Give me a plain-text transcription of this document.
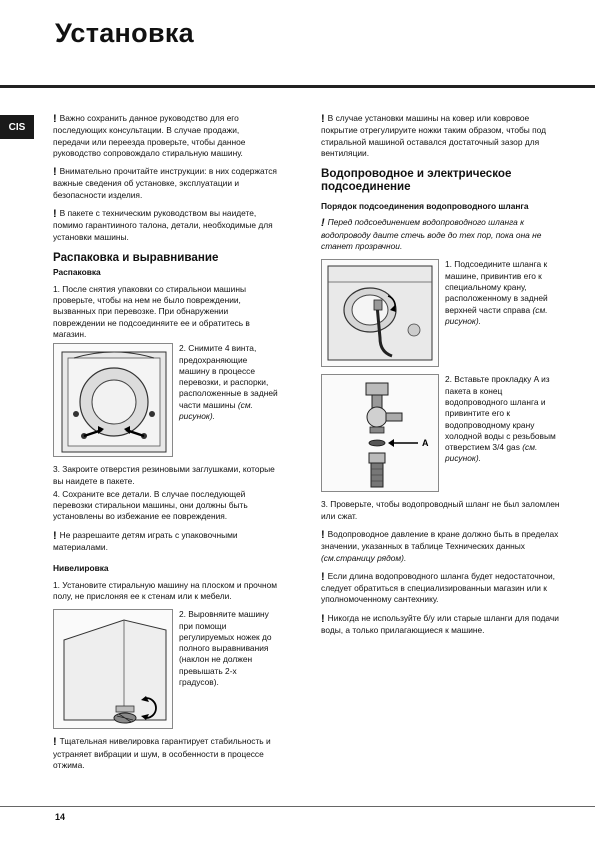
Установка
CIS

! Важно сохранить данное руководство для его последующих консультации. В случае продажи, передачи или переезда проверьте, чтобы данное руководство сопровождало стиральную машину.

! Внимательно прочитайте инструкции: в них содержатся важные сведения об установке, эксплуатации и безопасности изделия.

! В пакете с техническим руководством вы наидете, помимо гарантииного талона, детали, необходимые для установки машины.

Распаковка и выравнивание
Распаковка

1. После снятия упаковки со стиральнои машины проверьте, чтобы на нем не было повреждении, вызванных при перевозке. При обнаружении повреждении не подсоединяите ее и обратитесь в магазин.

2. Снимите 4 винта, предохраняющие машину в процессе перевозки, и распорки, расположенные в задней части машины (см. рисунок).

3. Закроите отверстия резиновыми заглушками, которые вы наидете в пакете.

4. Сохраните все детали. В случае последующей перевозки стиральнои машины, они должны быть установлены во избежание ее повреждения.

! Не разрешаите детям играть с упаковочными материалами.

Нивелировка

1. Установите стиральную машину на плоском и прочном полу, не прислоняя ее к стенам или к мебели.

2. Выровняите машину при помощи регулируемых ножек до полного выравнивания (наклон не должен превышать 2-х градусов).

! Тщательная нивелировка гарантирует стабильность и устраняет вибрации и шум, в особенности в процессе отжима.

! В случае установки машины на ковер или ковровое покрытие отрегулируите ножки таким образом, чтобы под стиральной машиной оставался достаточный зазор для вентиляции.

Водопроводное и электрическое подсоединение
Порядок подсоединения водопроводного шланга

! Перед подсоединением водопроводного шланга к водопроводу даите стечь воде до тех пор, пока она не станет прозрачнои.

1. Подсоедините шланга к машине, привинтив его к специальному крану, расположенному в задней верхней части справа (см. рисунок).
A
2. Вставьте прокладку A из пакета в конец водопроводного шланга и привинтите его к водопроводному крану холодной воды с резьбовым отверстием 3/4 gas (см. рисунок).

3. Проверьте, чтобы водопроводный шланг не был заломлен или сжат.

! Водопроводное давление в кране должно быть в пределах значении, указанных в таблице Технических данных (см.страницу рядом).

! Если длина водопроводного шланга будет недостаточнои, следует обратиться в специализированныи магазин или к уполномоченному сантехнику.

! Никогда не используйте б/у или старые шланги для подачи воды, а только прилагающиеся к машине.

14
